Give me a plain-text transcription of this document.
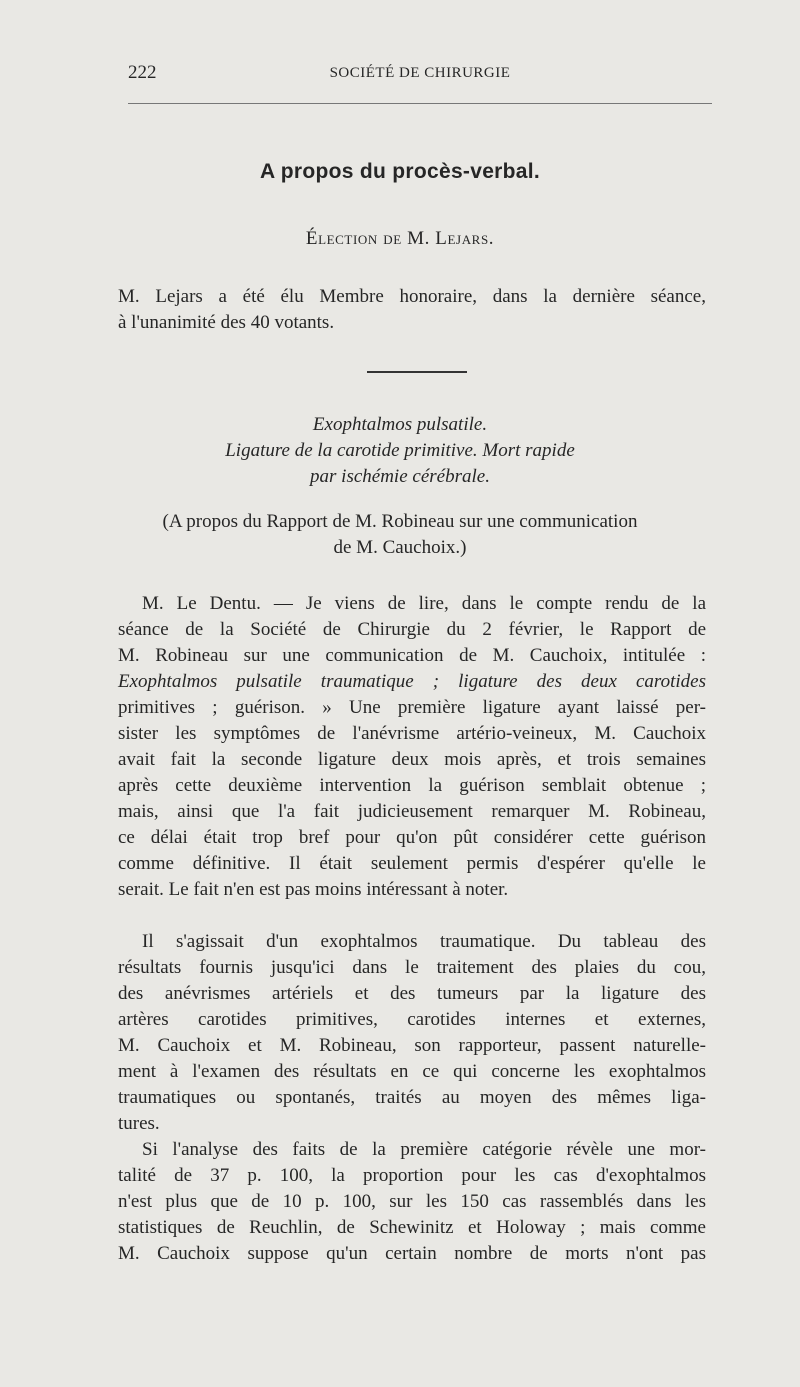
222	SOCIÉTÉ DE CHIRURGIE
A propos du procès-verbal.
Élection de M. Lejars.
M. Lejars a été élu Membre honoraire, dans la dernière séance,
à l'unanimité des 40 votants.
Exophtalmos pulsatile.
Ligature de la carotide primitive. Mort rapide
par ischémie cérébrale.
(A propos du Rapport de M. Robineau sur une communication
de M. Cauchoix.)
M. Le Dentu. — Je viens de lire, dans le compte rendu de la
séance de la Société de Chirurgie du 2 février, le Rapport de
M. Robineau sur une communication de M. Cauchoix, intitulée :
Exophtalmos pulsatile traumatique ; ligature des deux carotides
primitives ; guérison. » Une première ligature ayant laissé per-
sister les symptômes de l'anévrisme artério-veineux, M. Cauchoix
avait fait la seconde ligature deux mois après, et trois semaines
après cette deuxième intervention la guérison semblait obtenue ;
mais, ainsi que l'a fait judicieusement remarquer M. Robineau,
ce délai était trop bref pour qu'on pût considérer cette guérison
comme définitive. Il était seulement permis d'espérer qu'elle le
serait. Le fait n'en est pas moins intéressant à noter.
Il s'agissait d'un exophtalmos traumatique. Du tableau des
résultats fournis jusqu'ici dans le traitement des plaies du cou,
des anévrismes artériels et des tumeurs par la ligature des
artères carotides primitives, carotides internes et externes,
M. Cauchoix et M. Robineau, son rapporteur, passent naturelle-
ment à l'examen des résultats en ce qui concerne les exophtalmos
traumatiques ou spontanés, traités au moyen des mêmes liga-
tures.
Si l'analyse des faits de la première catégorie révèle une mor-
talité de 37 p. 100, la proportion pour les cas d'exophtalmos
n'est plus que de 10 p. 100, sur les 150 cas rassemblés dans les
statistiques de Reuchlin, de Schewinitz et Holoway ; mais comme
M. Cauchoix suppose qu'un certain nombre de morts n'ont pas
